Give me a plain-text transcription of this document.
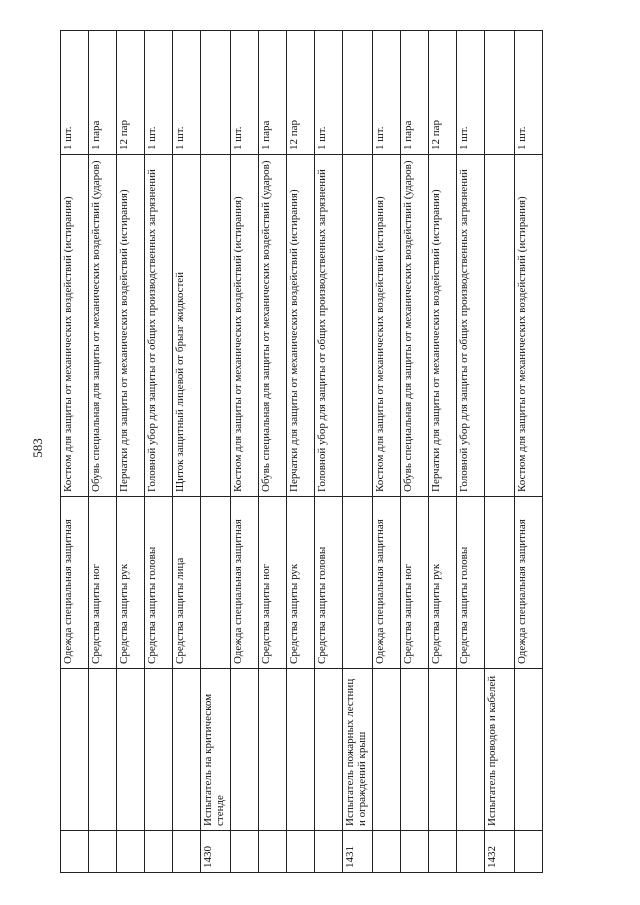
583
		Одежда специальная защитная	Костюм для защиты от механических воздействий (истирания)	1 шт.
		Средства защиты ног	Обувь специальная для защиты от механических воздействий (ударов)	1 пара
		Средства защиты рук	Перчатки для защиты от механических воздействий (истирания)	12 пар
		Средства защиты головы	Головной убор для защиты от общих производственных загрязнений	1 шт.
		Средства защиты лица	Щиток защитный лицевой от брызг жидкостей	1 шт.
1430	Испытатель на критическом стенде			
		Одежда специальная защитная	Костюм для защиты от механических воздействий (истирания)	1 шт.
		Средства защиты ног	Обувь специальная для защиты от механических воздействий (ударов)	1 пара
		Средства защиты рук	Перчатки для защиты от механических воздействий (истирания)	12 пар
		Средства защиты головы	Головной убор для защиты от общих производственных загрязнений	1 шт.
1431	Испытатель пожарных лестниц и ограждений крыш			
		Одежда специальная защитная	Костюм для защиты от механических воздействий (истирания)	1 шт.
		Средства защиты ног	Обувь специальная для защиты от механических воздействий (ударов)	1 пара
		Средства защиты рук	Перчатки для защиты от механических воздействий (истирания)	12 пар
		Средства защиты головы	Головной убор для защиты от общих производственных загрязнений	1 шт.
1432	Испытатель проводов и кабелей			
		Одежда специальная защитная	Костюм для защиты от механических воздействий (истирания)	1 шт.
